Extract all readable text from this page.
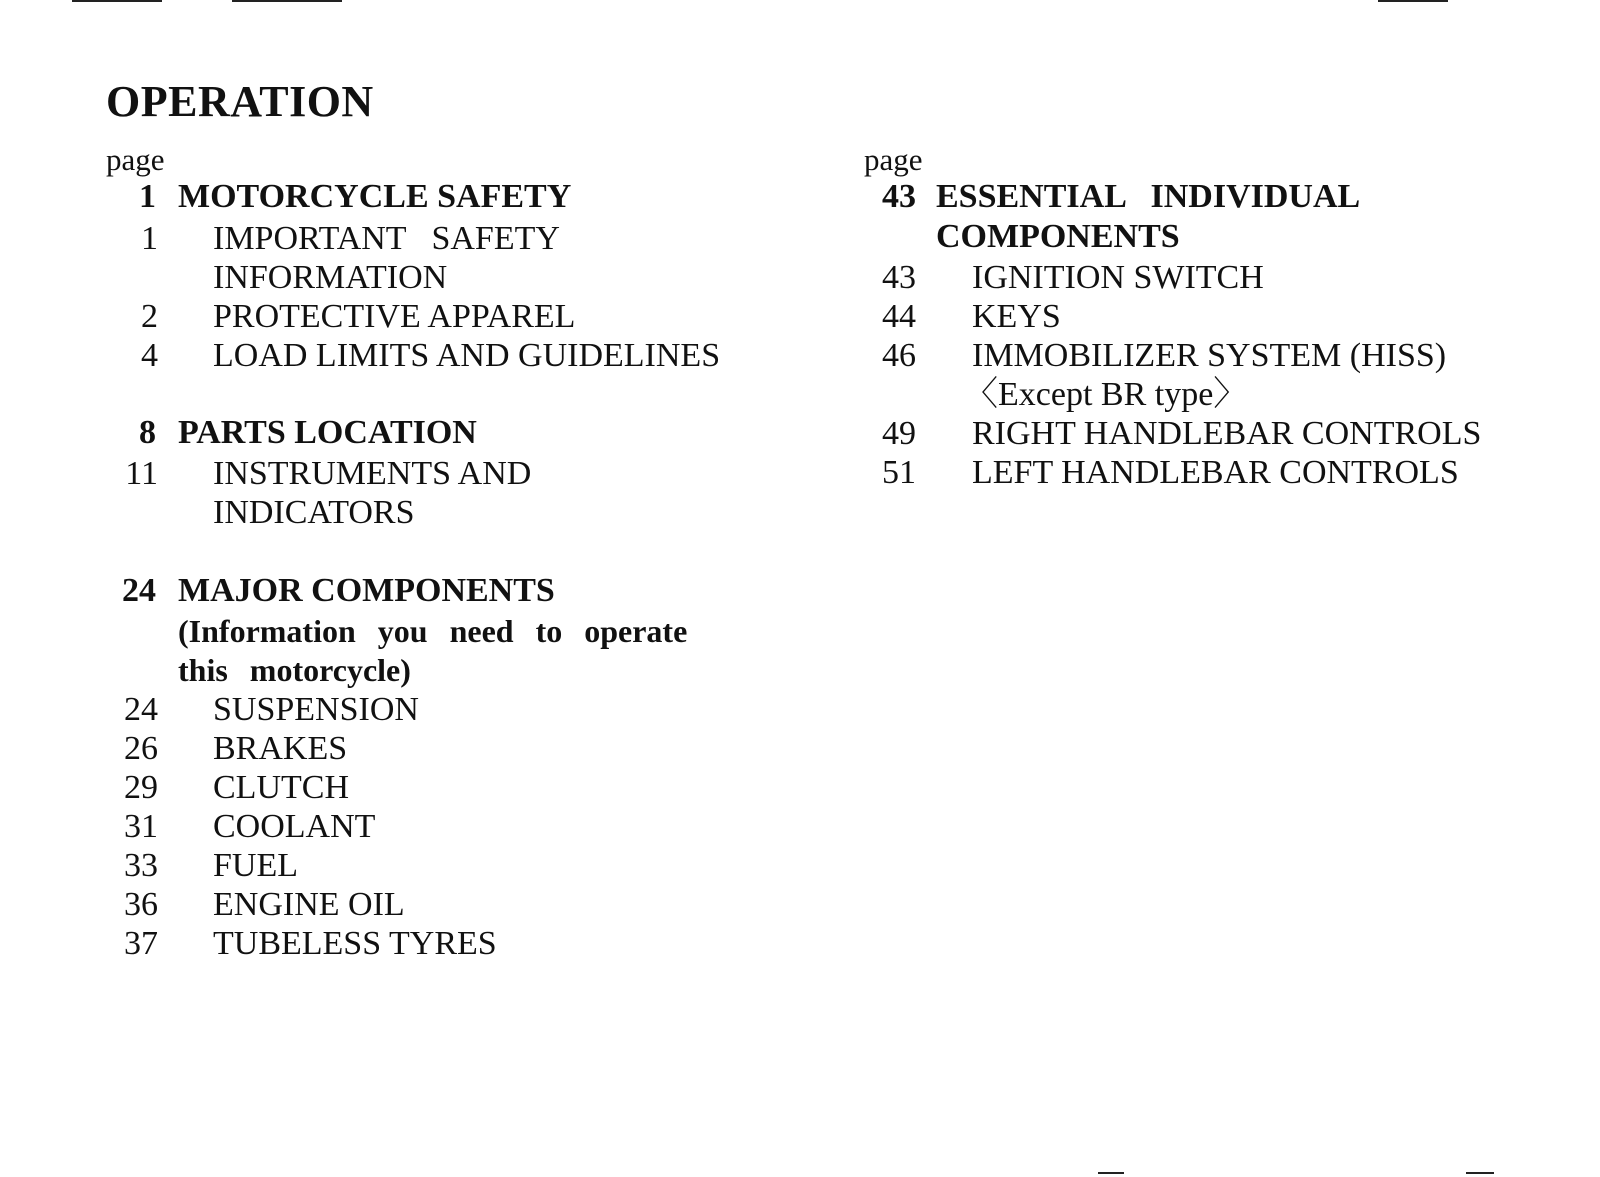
OPERATION
page
1 MOTORCYCLE SAFETY
1 IMPORTANT   SAFETY
INFORMATION
2 PROTECTIVE APPAREL
4 LOAD LIMITS AND GUIDELINES
8 PARTS LOCATION
11 INSTRUMENTS AND
INDICATORS
24 MAJOR COMPONENTS
(Information you need to operate
this motorcycle)
24 SUSPENSION
26 BRAKES
29 CLUTCH
31 COOLANT
33 FUEL
36 ENGINE OIL
37 TUBELESS TYRES
page
43 ESSENTIAL   INDIVIDUAL
COMPONENTS
43 IGNITION SWITCH
44 KEYS
46 IMMOBILIZER SYSTEM (HISS)
〈Except BR type〉
49 RIGHT HANDLEBAR CONTROLS
51 LEFT HANDLEBAR CONTROLS
